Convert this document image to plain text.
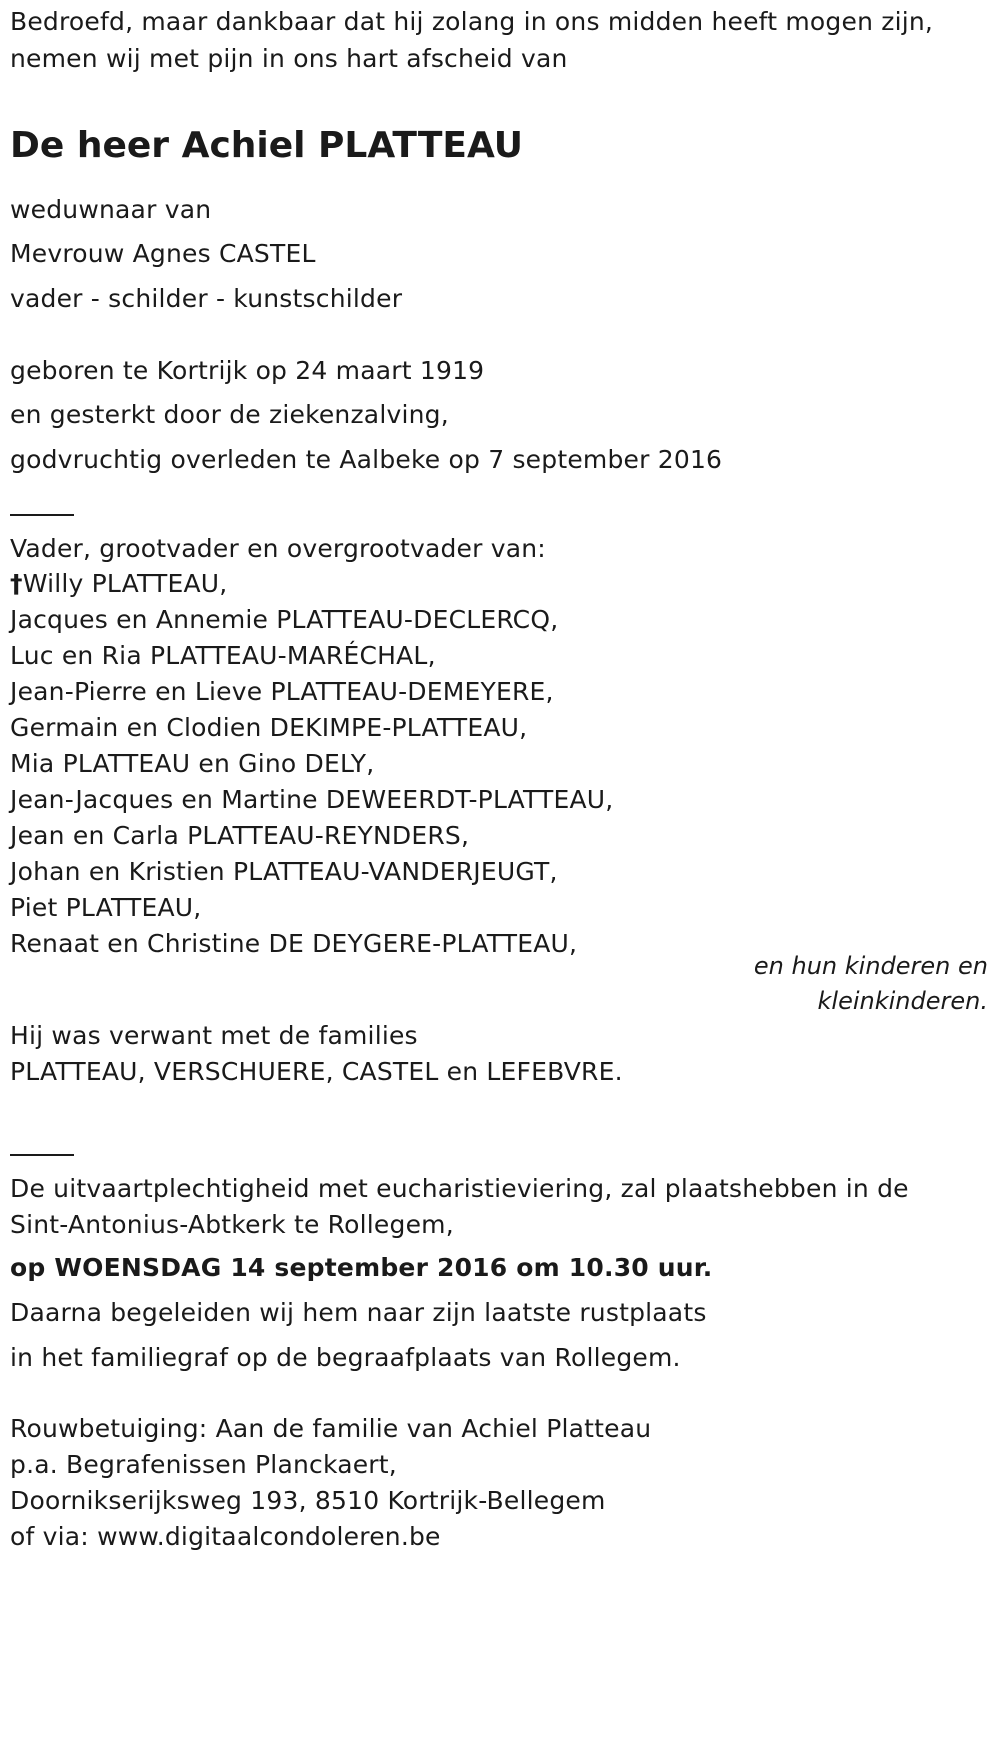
Bedroefd, maar dankbaar dat hij zolang in ons midden heeft mogen zijn,
nemen wij met pijn in ons hart afscheid van
De heer Achiel PLATTEAU
weduwnaar van
Mevrouw Agnes CASTEL
vader - schilder - kunstschilder
geboren te Kortrijk op 24 maart 1919
en gesterkt door de ziekenzalving,
godvruchtig overleden te Aalbeke op 7 september 2016
Vader, grootvader en overgrootvader van:
†Willy PLATTEAU,
Jacques en Annemie PLATTEAU-DECLERCQ,
Luc en Ria PLATTEAU-MARÉCHAL,
Jean-Pierre en Lieve PLATTEAU-DEMEYERE,
Germain en Clodien DEKIMPE-PLATTEAU,
Mia PLATTEAU en Gino DELY,
Jean-Jacques en Martine DEWEERDT-PLATTEAU,
Jean en Carla PLATTEAU-REYNDERS,
Johan en Kristien PLATTEAU-VANDERJEUGT,
Piet PLATTEAU,
Renaat en Christine DE DEYGERE-PLATTEAU,
en hun kinderen en
kleinkinderen.
Hij was verwant met de families
PLATTEAU, VERSCHUERE, CASTEL en LEFEBVRE.
De uitvaartplechtigheid met eucharistieviering, zal plaatshebben in de
Sint-Antonius-Abtkerk te Rollegem,
op WOENSDAG 14 september 2016 om 10.30 uur.
Daarna begeleiden wij hem naar zijn laatste rustplaats
in het familiegraf op de begraafplaats van Rollegem.
Rouwbetuiging: Aan de familie van Achiel Platteau
p.a. Begrafenissen Planckaert,
Doornikserijksweg 193, 8510 Kortrijk-Bellegem
of via: www.digitaalcondoleren.be
